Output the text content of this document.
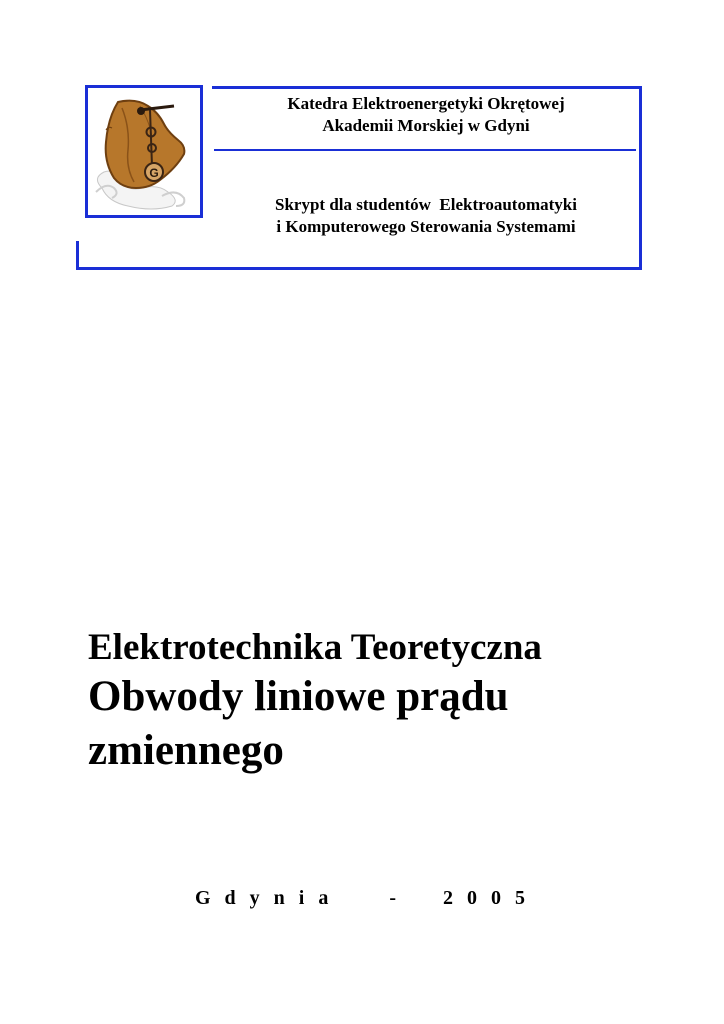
G
Katedra Elektroenergetyki Okrętowej
Akademii Morskiej w Gdyni
Skrypt dla studentów  Elektroautomatyki
i Komputerowego Sterowania Systemami
Elektrotechnika Teoretyczna
Obwody liniowe prądu zmiennego
Gdynia - 2005
